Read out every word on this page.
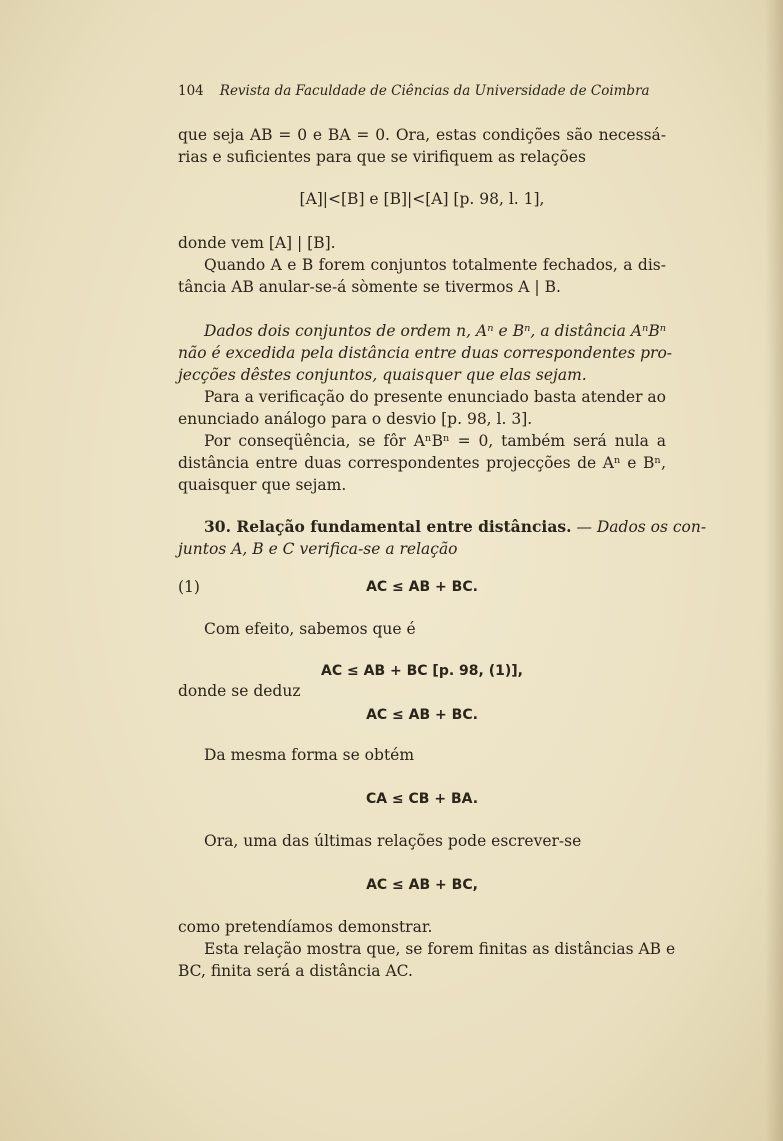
104 Revista da Faculdade de Ciências da Universidade de Coimbra
que seja AB = 0 e BA = 0. Ora, estas condições são necessá-
rias e suficientes para que se virifiquem as relações
[A]|<[B] e [B]|<[A] [p. 98, l. 1],
donde vem [A] | [B].
Quando A e B forem conjuntos totalmente fechados, a dis-
tância AB anular-se-á sòmente se tivermos A | B.
Dados dois conjuntos de ordem n, Aⁿ e Bⁿ, a distância AⁿBⁿ
não é excedida pela distância entre duas correspondentes pro-
jecções dêstes conjuntos, quaisquer que elas sejam.
Para a verificação do presente enunciado basta atender ao
enunciado análogo para o desvio [p. 98, l. 3].
Por conseqüência, se fôr AⁿBⁿ = 0, também será nula a
distância entre duas correspondentes projecções de Aⁿ e Bⁿ,
quaisquer que sejam.
30. Relação fundamental entre distâncias. — Dados os con-
juntos A, B e C verifica-se a relação
(1)	AC ≤ AB + BC.
Com efeito, sabemos que é
AC ≤ AB + BC [p. 98, (1)],
donde se deduz
AC ≤ AB + BC.
Da mesma forma se obtém
CA ≤ CB + BA.
Ora, uma das últimas relações pode escrever-se
AC ≤ AB + BC,
como pretendíamos demonstrar.
Esta relação mostra que, se forem finitas as distâncias AB e
BC, finita será a distância AC.
